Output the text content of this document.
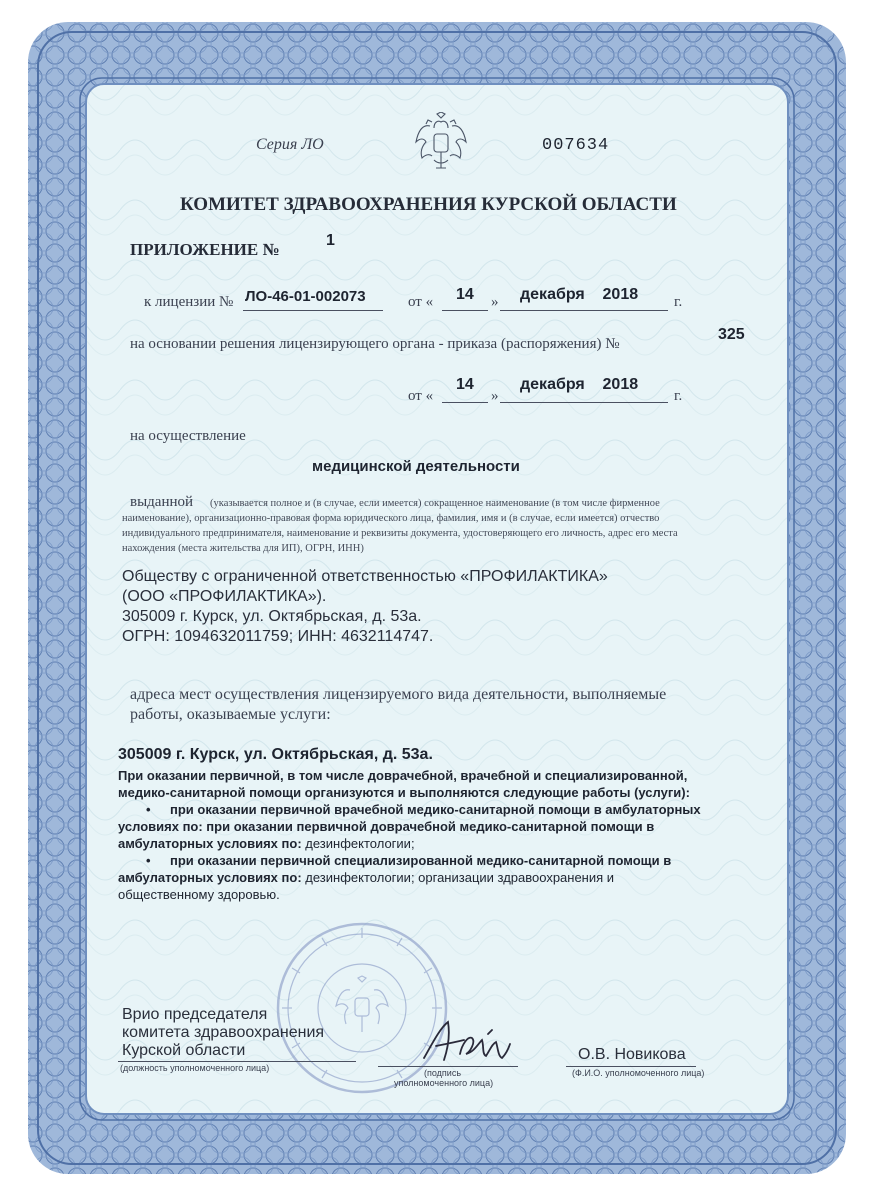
Серия ЛО	007634
КОМИТЕТ ЗДРАВООХРАНЕНИЯ КУРСКОЙ ОБЛАСТИ
ПРИЛОЖЕНИЕ №	1
к лицензии № ЛО-46-01-002073	от « 14 » декабря    2018 г.
на основании решения лицензирующего органа - приказа (распоряжения) №
325
от «
14
»
декабря    2018
г.
на осуществление
медицинской деятельности
выданной (указывается полное и (в случае, если имеется) сокращенное наименование (в том числе фирменное
наименование), организационно-правовая форма юридического лица, фамилия, имя и (в случае, если имеется) отчество
индивидуального предпринимателя, наименование и реквизиты документа, удостоверяющего его личность, адрес его места
нахождения (места жительства для ИП), ОГРН, ИНН)
Обществу с ограниченной ответственностью «ПРОФИЛАКТИКА»
(ООО «ПРОФИЛАКТИКА»).
305009 г. Курск, ул. Октябрьская, д. 53а.
ОГРН: 1094632011759; ИНН: 4632114747.
адреса мест осуществления лицензируемого вида деятельности, выполняемые
работы, оказываемые услуги:
305009 г. Курск, ул. Октябрьская, д. 53а.
При оказании первичной, в том числе доврачебной, врачебной и специализированной,
медико-санитарной помощи организуются и выполняются следующие работы (услуги):
• при оказании первичной врачебной медико-санитарной помощи в амбулаторных
условиях по: при оказании первичной доврачебной медико-санитарной помощи в
амбулаторных условиях по: дезинфектологии;
• при оказании первичной специализированной медико-санитарной помощи в
амбулаторных условиях по: дезинфектологии; организации здравоохранения и
общественному здоровью.
Врио председателя
комитета здравоохранения
Курской области
(должность уполномоченного лица)	(подпись
уполномоченного лица)
О.В. Новикова
(Ф.И.О. уполномоченного лица)
